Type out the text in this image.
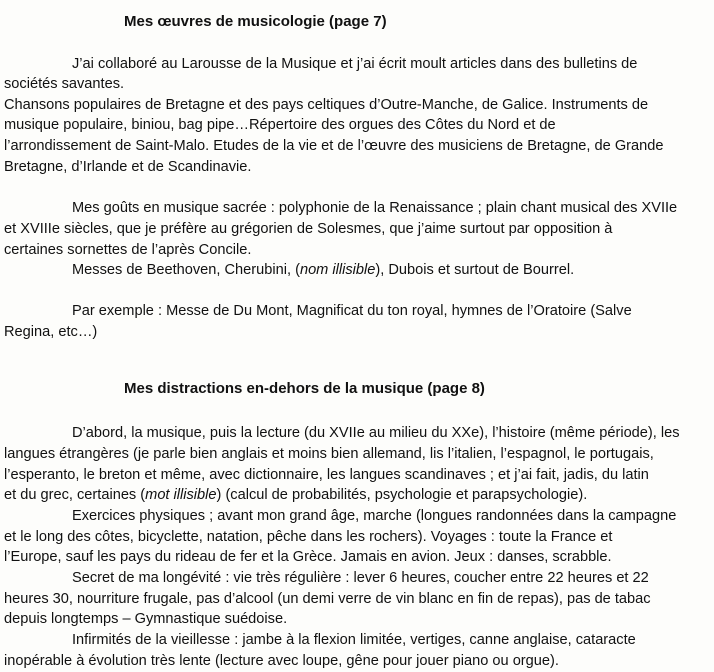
Mes œuvres de musicologie (page 7)
J’ai collaboré au Larousse de la Musique et j’ai écrit moult articles dans des bulletins de
sociétés savantes.
Chansons populaires de Bretagne et des pays celtiques d’Outre-Manche, de Galice. Instruments de
musique populaire, biniou, bag pipe…Répertoire des orgues des Côtes du Nord et de
l’arrondissement de Saint-Malo. Etudes de la vie et de l’œuvre des musiciens de Bretagne, de Grande
Bretagne, d’Irlande et de Scandinavie.
Mes goûts en musique sacrée : polyphonie de la Renaissance ; plain chant musical des XVIIe
et XVIIIe siècles, que je préfère au grégorien de Solesmes, que j’aime surtout par opposition à
certaines sornettes de l’après Concile.
Messes de Beethoven, Cherubini, (nom illisible), Dubois et surtout de Bourrel.
Par exemple : Messe de Du Mont, Magnificat du ton royal, hymnes de l’Oratoire (Salve
Regina, etc…)
Mes distractions en-dehors de la musique (page 8)
D’abord, la musique, puis la lecture (du XVIIe au milieu du XXe), l’histoire (même période), les
langues étrangères (je parle bien anglais et moins bien allemand, lis l’italien, l’espagnol, le portugais,
l’esperanto, le breton et même, avec dictionnaire, les langues scandinaves ; et j’ai fait, jadis, du latin
et du grec, certaines (mot illisible) (calcul de probabilités, psychologie et parapsychologie).
Exercices physiques ; avant mon grand âge, marche (longues randonnées dans la campagne
et le long des côtes, bicyclette, natation, pêche dans les rochers). Voyages : toute la France et
l’Europe, sauf les pays du rideau de fer et la Grèce. Jamais en avion. Jeux : danses, scrabble.
Secret de ma longévité : vie très régulière : lever 6 heures, coucher entre 22 heures et 22
heures 30, nourriture frugale, pas d’alcool (un demi verre de vin blanc en fin de repas), pas de tabac
depuis longtemps – Gymnastique suédoise.
Infirmités de la vieillesse : jambe à la flexion limitée, vertiges, canne anglaise, cataracte
inopérable à évolution très lente (lecture avec loupe, gêne pour jouer piano ou orgue).
